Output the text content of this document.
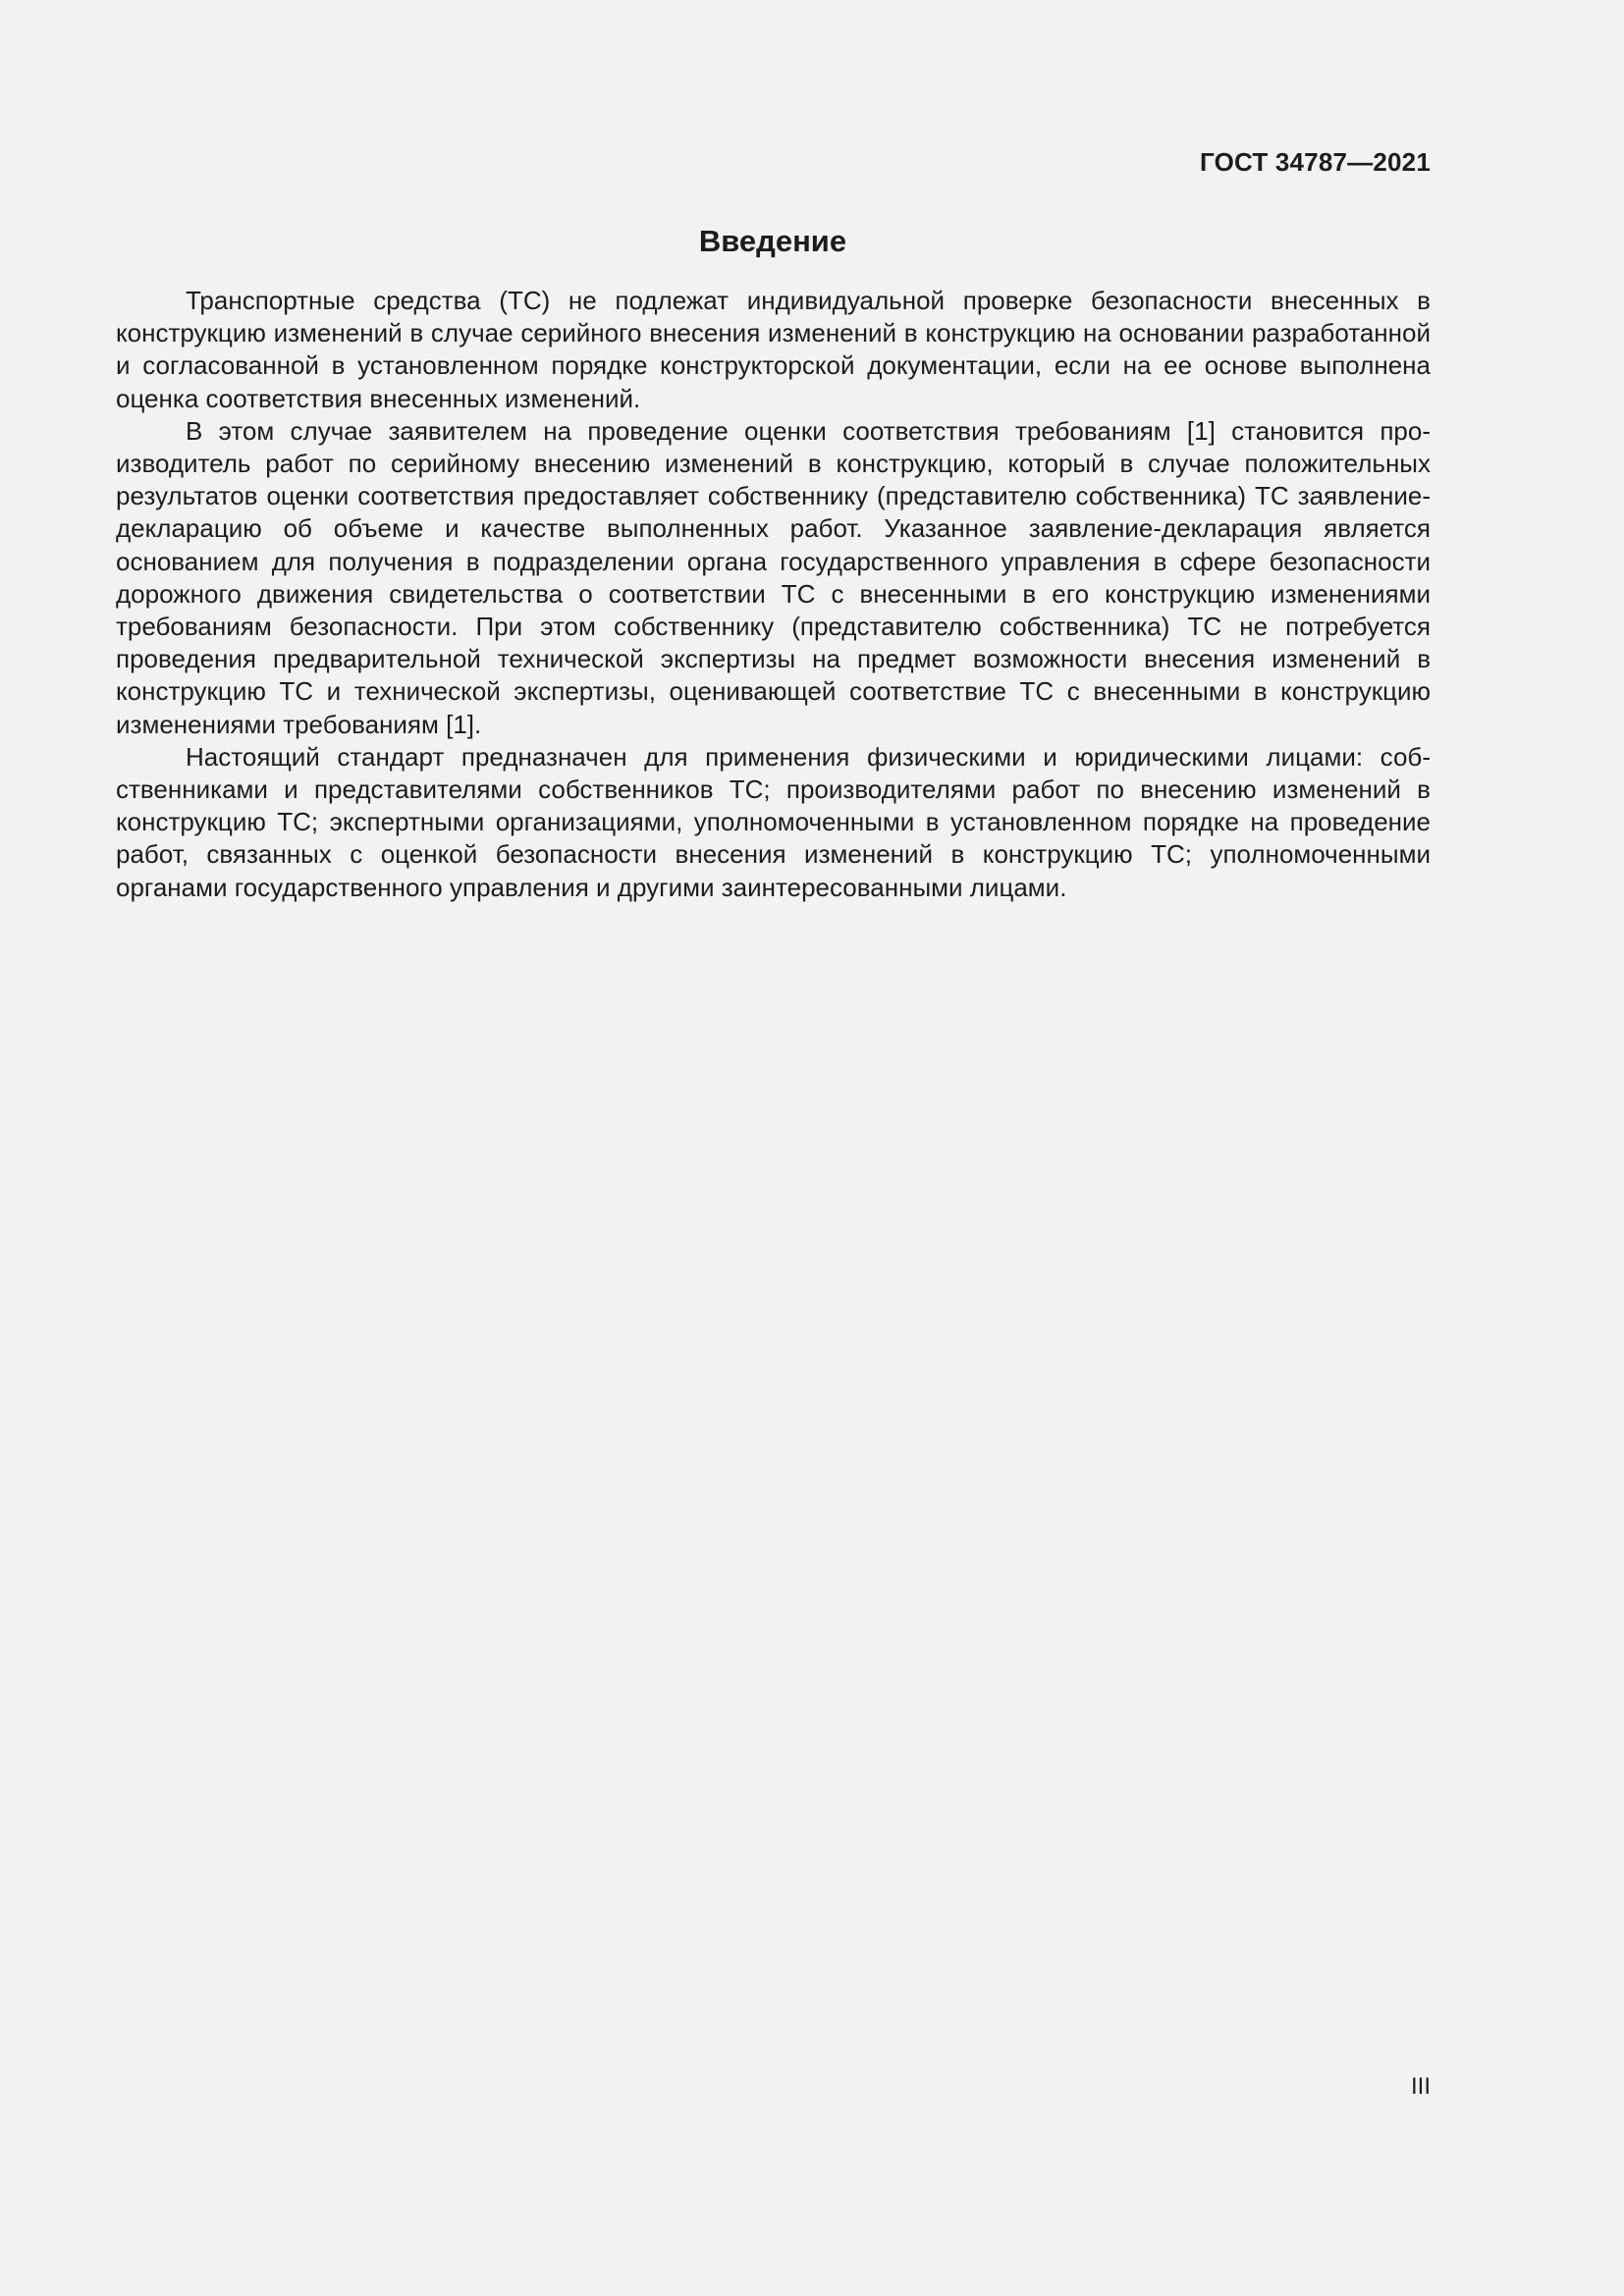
ГОСТ 34787—2021
Введение

Транспортные средства (ТС) не подлежат индивидуальной проверке безопасности внесенных в конструкцию изменений в случае серийного внесения изменений в конструкцию на основании разработанной и согласованной в установленном порядке конструкторской документации, если на ее основе выполнена оценка соответствия внесенных изменений.

В этом случае заявителем на проведение оценки соответствия требованиям [1] становится производитель работ по серийному внесению изменений в конструкцию, который в случае положительных результатов оценки соответствия предоставляет собственнику (представителю собственника) ТС заявление-декларацию об объеме и качестве выполненных работ. Указанное заявление-декларация является основанием для получения в подразделении органа государственного управления в сфере безопасности дорожного движения свидетельства о соответствии ТС с внесенными в его конструкцию изменениями требованиям безопасности. При этом собственнику (представителю собственника) ТС не потребуется проведения предварительной технической экспертизы на предмет возможности внесения изменений в конструкцию ТС и технической экспертизы, оценивающей соответствие ТС с внесенными в конструкцию изменениями требованиям [1].

Настоящий стандарт предназначен для применения физическими и юридическими лицами: собственниками и представителями собственников ТС; производителями работ по внесению изменений в конструкцию ТС; экспертными организациями, уполномоченными в установленном порядке на проведение работ, связанных с оценкой безопасности внесения изменений в конструкцию ТС; уполномоченными органами государственного управления и другими заинтересованными лицами.

III
